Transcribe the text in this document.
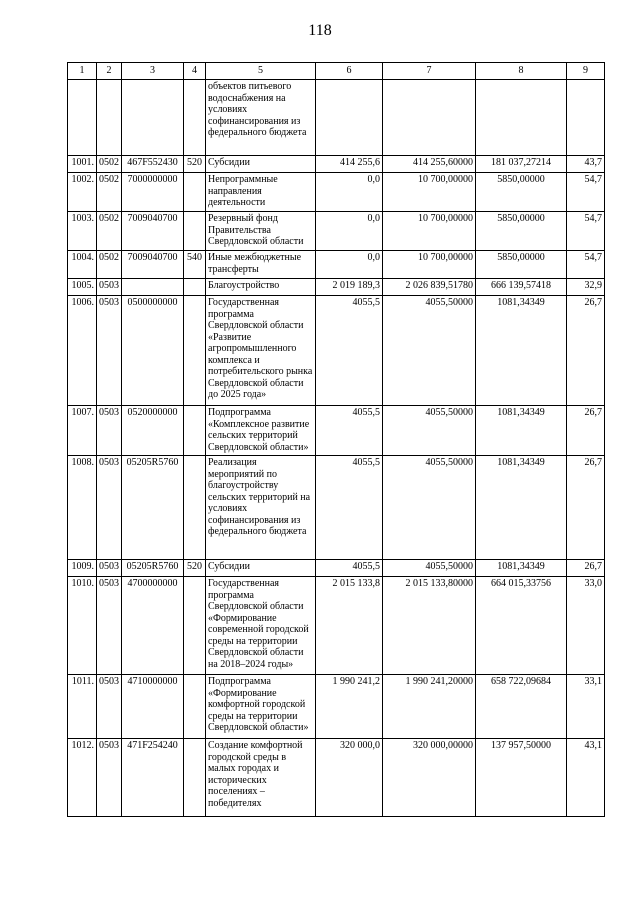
118
1	2	3	4	5	6	7	8	9
				объектов питьевого водоснабжения на условиях софинансирования из федерального бюджета				
1001.	0502	467F552430	520	Субсидии	414 255,6	414 255,60000	181 037,27214	43,7
1002.	0502	7000000000		Непрограммные направления деятельности	0,0	10 700,00000	5850,00000	54,7
1003.	0502	7009040700		Резервный фонд Правительства Свердловской области	0,0	10 700,00000	5850,00000	54,7
1004.	0502	7009040700	540	Иные межбюджетные трансферты	0,0	10 700,00000	5850,00000	54,7
1005.	0503			Благоустройство	2 019 189,3	2 026 839,51780	666 139,57418	32,9
1006.	0503	0500000000		Государственная программа Свердловской области «Развитие агропромышленного комплекса и потребительского рынка Свердловской области до 2025 года»	4055,5	4055,50000	1081,34349	26,7
1007.	0503	0520000000		Подпрограмма «Комплексное развитие сельских территорий Свердловской области»	4055,5	4055,50000	1081,34349	26,7
1008.	0503	05205R5760		Реализация мероприятий по благоустройству сельских территорий на условиях софинансирования из федерального бюджета	4055,5	4055,50000	1081,34349	26,7
1009.	0503	05205R5760	520	Субсидии	4055,5	4055,50000	1081,34349	26,7
1010.	0503	4700000000		Государственная программа Свердловской области «Формирование современной городской среды на территории Свердловской области на 2018–2024 годы»	2 015 133,8	2 015 133,80000	664 015,33756	33,0
1011.	0503	4710000000		Подпрограмма «Формирование комфортной городской среды на территории Свердловской области»	1 990 241,2	1 990 241,20000	658 722,09684	33,1
1012.	0503	471F254240		Создание комфортной городской среды в малых городах и исторических поселениях – победителях	320 000,0	320 000,00000	137 957,50000	43,1
